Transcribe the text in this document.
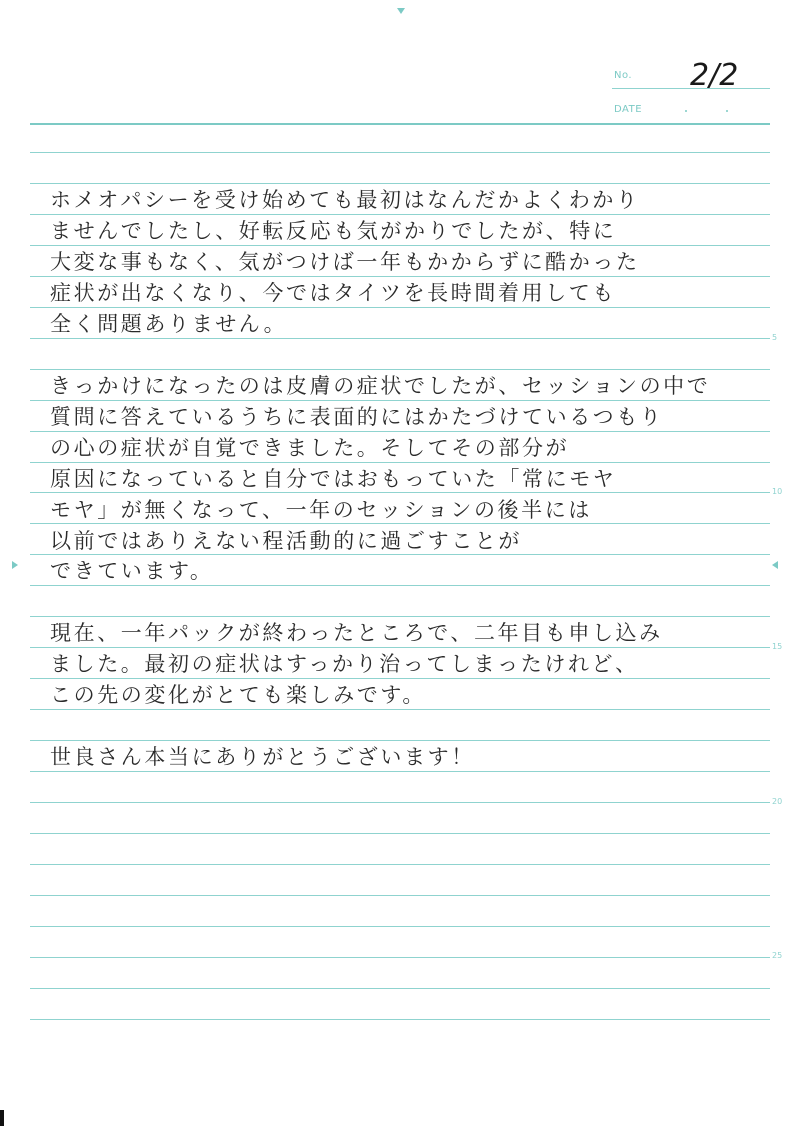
No. 2/2
DATE
ホメオパシーを受け始めても最初はなんだかよくわかり
ませんでしたし、好転反応も気がかりでしたが、特に
大変な事もなく、気がつけば一年もかからずに酷かった
症状が出なくなり、今ではタイツを長時間着用しても
全く問題ありません。
きっかけになったのは皮膚の症状でしたが、セッションの中で
質問に答えているうちに表面的にはかたづけているつもり
の心の症状が自覚できました。そしてその部分が
原因になっていると自分ではおもっていた「常にモヤ
モヤ」が無くなって、一年のセッションの後半には
以前ではありえない程活動的に過ごすことが
できています。
現在、一年パックが終わったところで、二年目も申し込み
ました。最初の症状はすっかり治ってしまったけれど、
この先の変化がとても楽しみです。
世良さん本当にありがとうございます！
5
10
15
20
25
